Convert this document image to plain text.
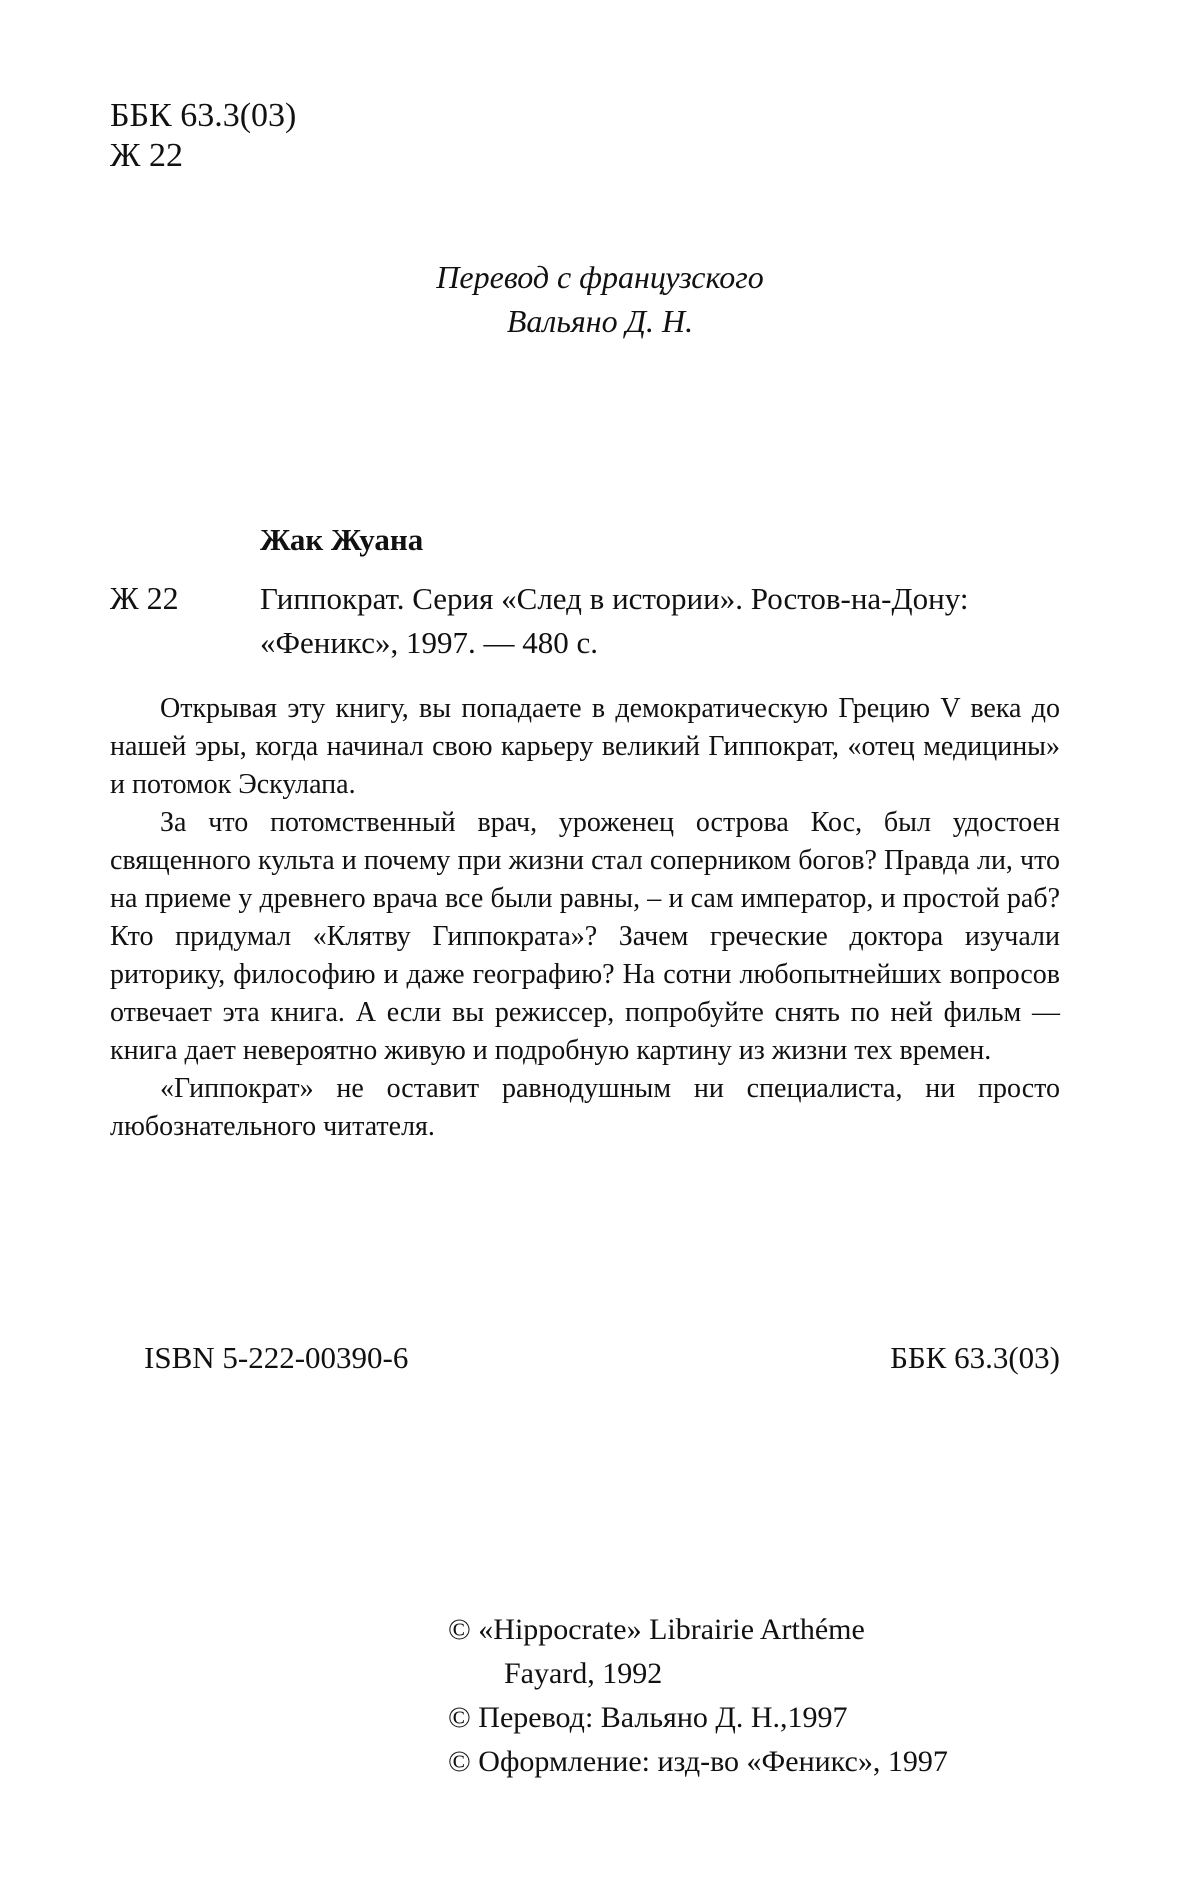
ББК 63.3(03)
Ж 22
Перевод с французского
Вальяно Д. Н.
Жак Жуана
Ж 22	Гиппократ. Серия «След в истории». Ростов-на-Дону: «Феникс», 1997. — 480 с.

Открывая эту книгу, вы попадаете в демократическую Грецию V века до нашей эры, когда начинал свою карьеру великий Гиппократ, «отец медицины» и потомок Эскулапа.

За что потомственный врач, уроженец острова Кос, был удостоен священного культа и почему при жизни стал соперником богов? Правда ли, что на приеме у древнего врача все были равны, – и сам император, и простой раб? Кто придумал «Клятву Гиппократа»? Зачем греческие доктора изучали риторику, философию и даже географию? На сотни любопытнейших вопросов отвечает эта книга. А если вы режиссер, попробуйте снять по ней фильм — книга дает невероятно живую и подробную картину из жизни тех времен.

«Гиппократ» не оставит равнодушным ни специалиста, ни просто любознательного читателя.

ISBN 5-222-00390-6	ББК 63.3(03)
© «Hippocrate» Librairie Arthéme
Fayard, 1992
© Перевод: Вальяно Д. Н.,1997
© Оформление: изд-во «Феникс», 1997
